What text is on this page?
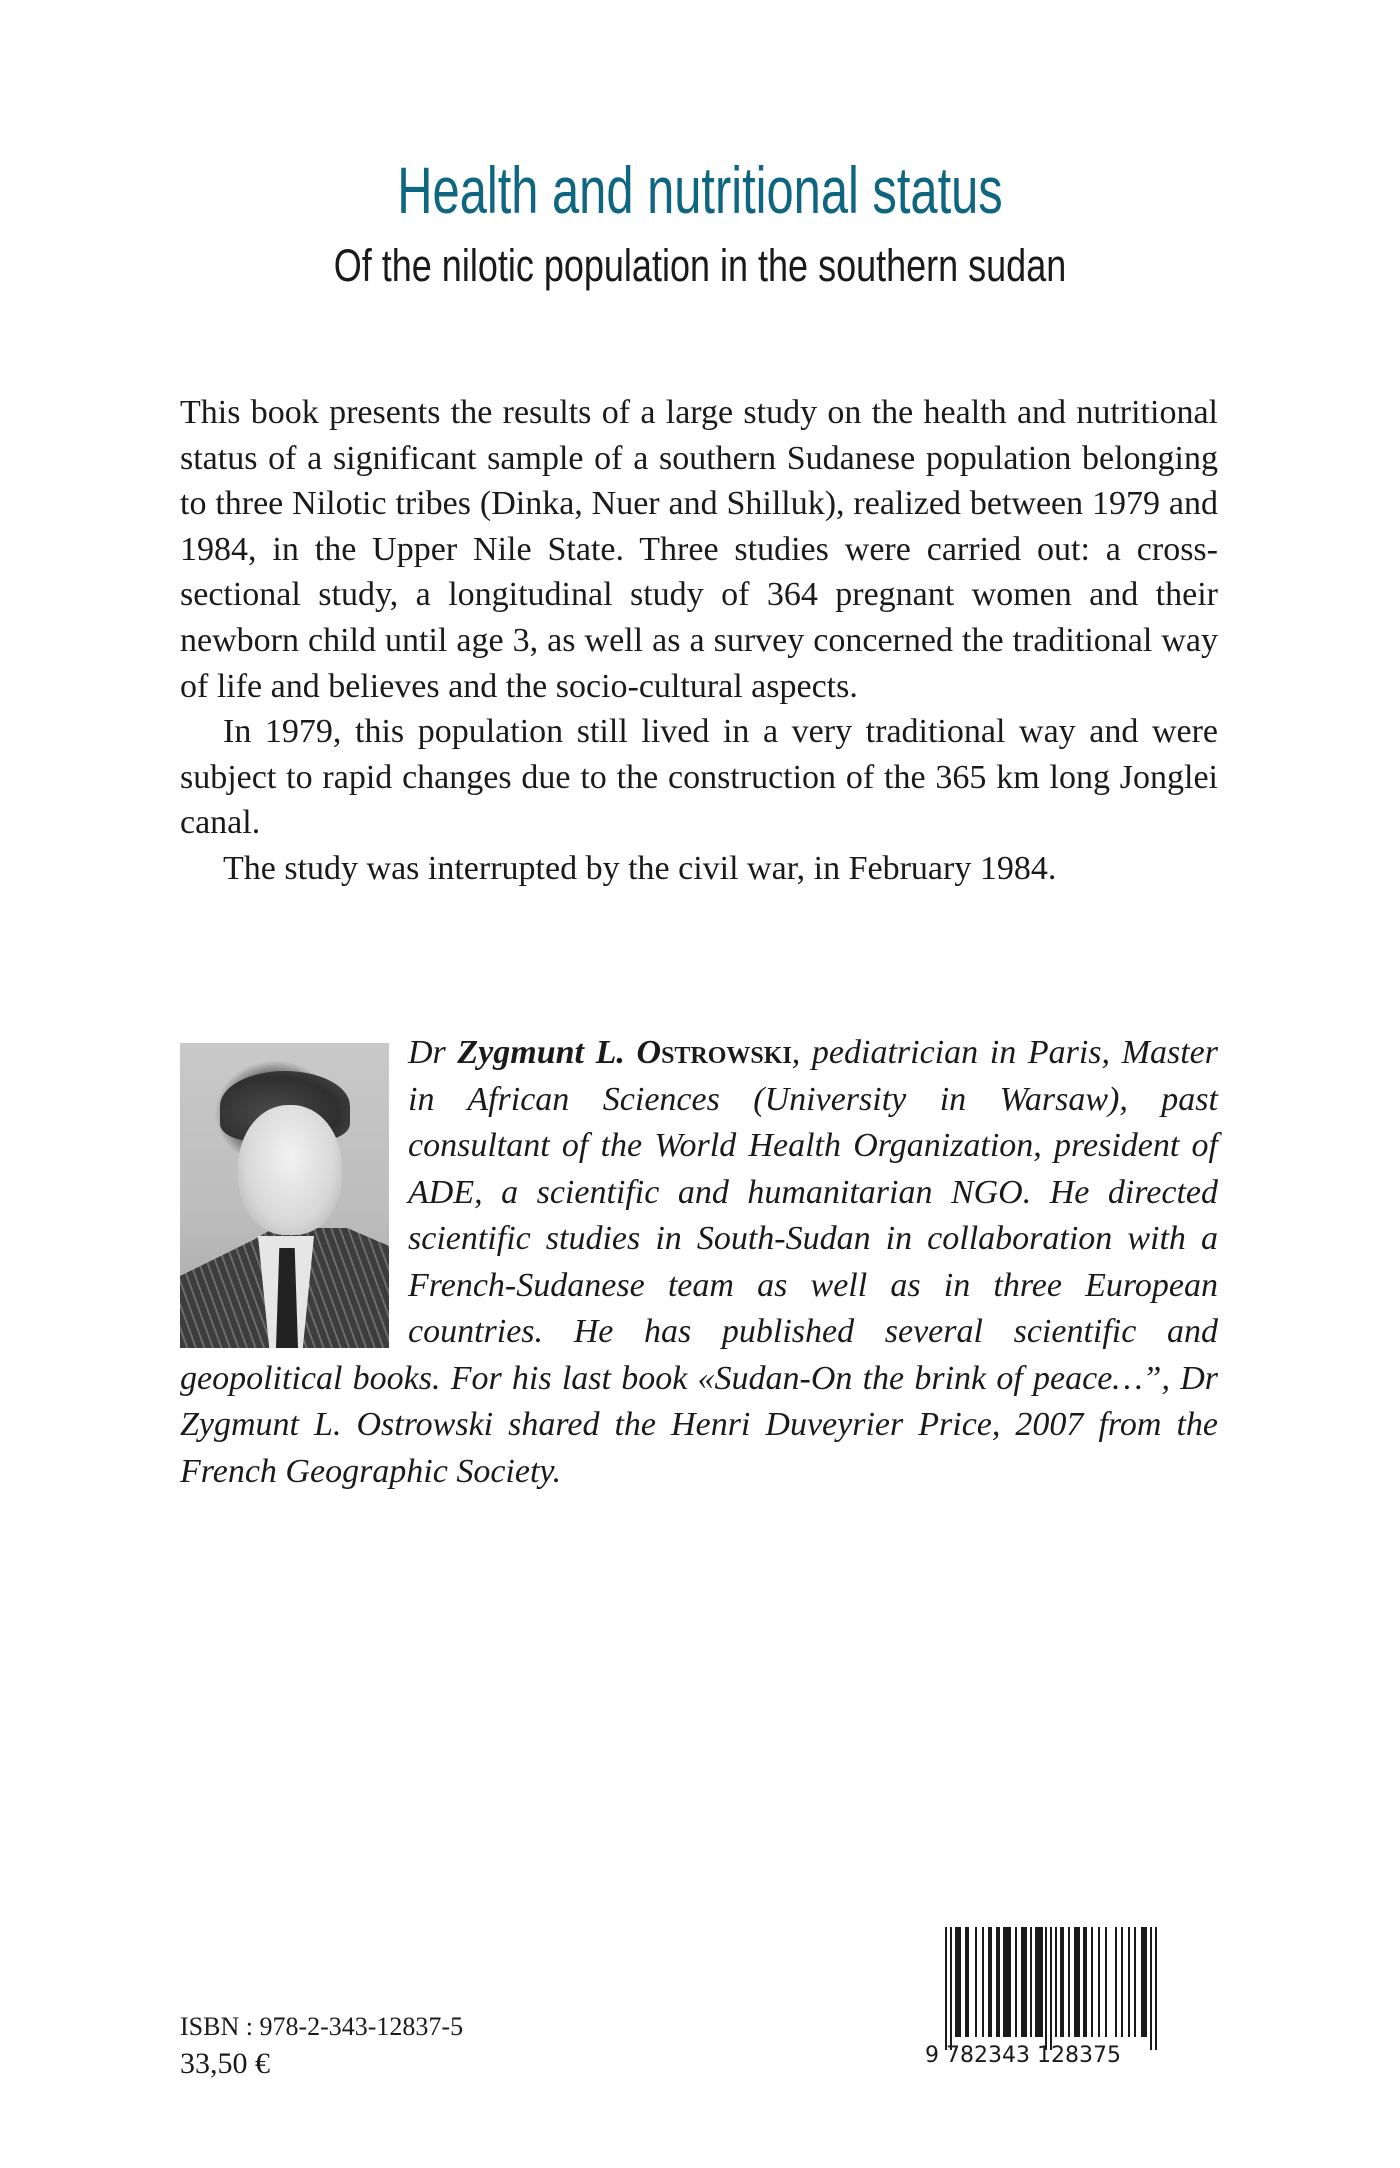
Health and nutritional status
Of the nilotic population in the southern sudan

This book presents the results of a large study on the health and nutritional status of a significant sample of a southern Sudanese population belonging to three Nilotic tribes (Dinka, Nuer and Shilluk), realized between 1979 and 1984, in the Upper Nile State. Three studies were carried out: a cross-sectional study, a longitudinal study of 364 pregnant women and their newborn child until age 3, as well as a survey concerned the traditional way of life and believes and the socio-cultural aspects.

In 1979, this population still lived in a very traditional way and were subject to rapid changes due to the construction of the 365 km long Jonglei canal.

The study was interrupted by the civil war, in February 1984.

Dr Zygmunt L. Ostrowski, pediatrician in Paris, Master in African Sciences (University in Warsaw), past consultant of the World Health Organization, president of ADE, a scientific and humanitarian NGO. He directed scientific studies in South-Sudan in collaboration with a French-Sudanese team as well as in three European countries. He has published several scientific and geopolitical books. For his last book «Sudan-On the brink of peace…”, Dr Zygmunt L. Ostrowski shared the Henri Duveyrier Price, 2007 from the French Geographic Society.
ISBN : 978-2-343-12837-5
33,50 €	9 782343 128375
